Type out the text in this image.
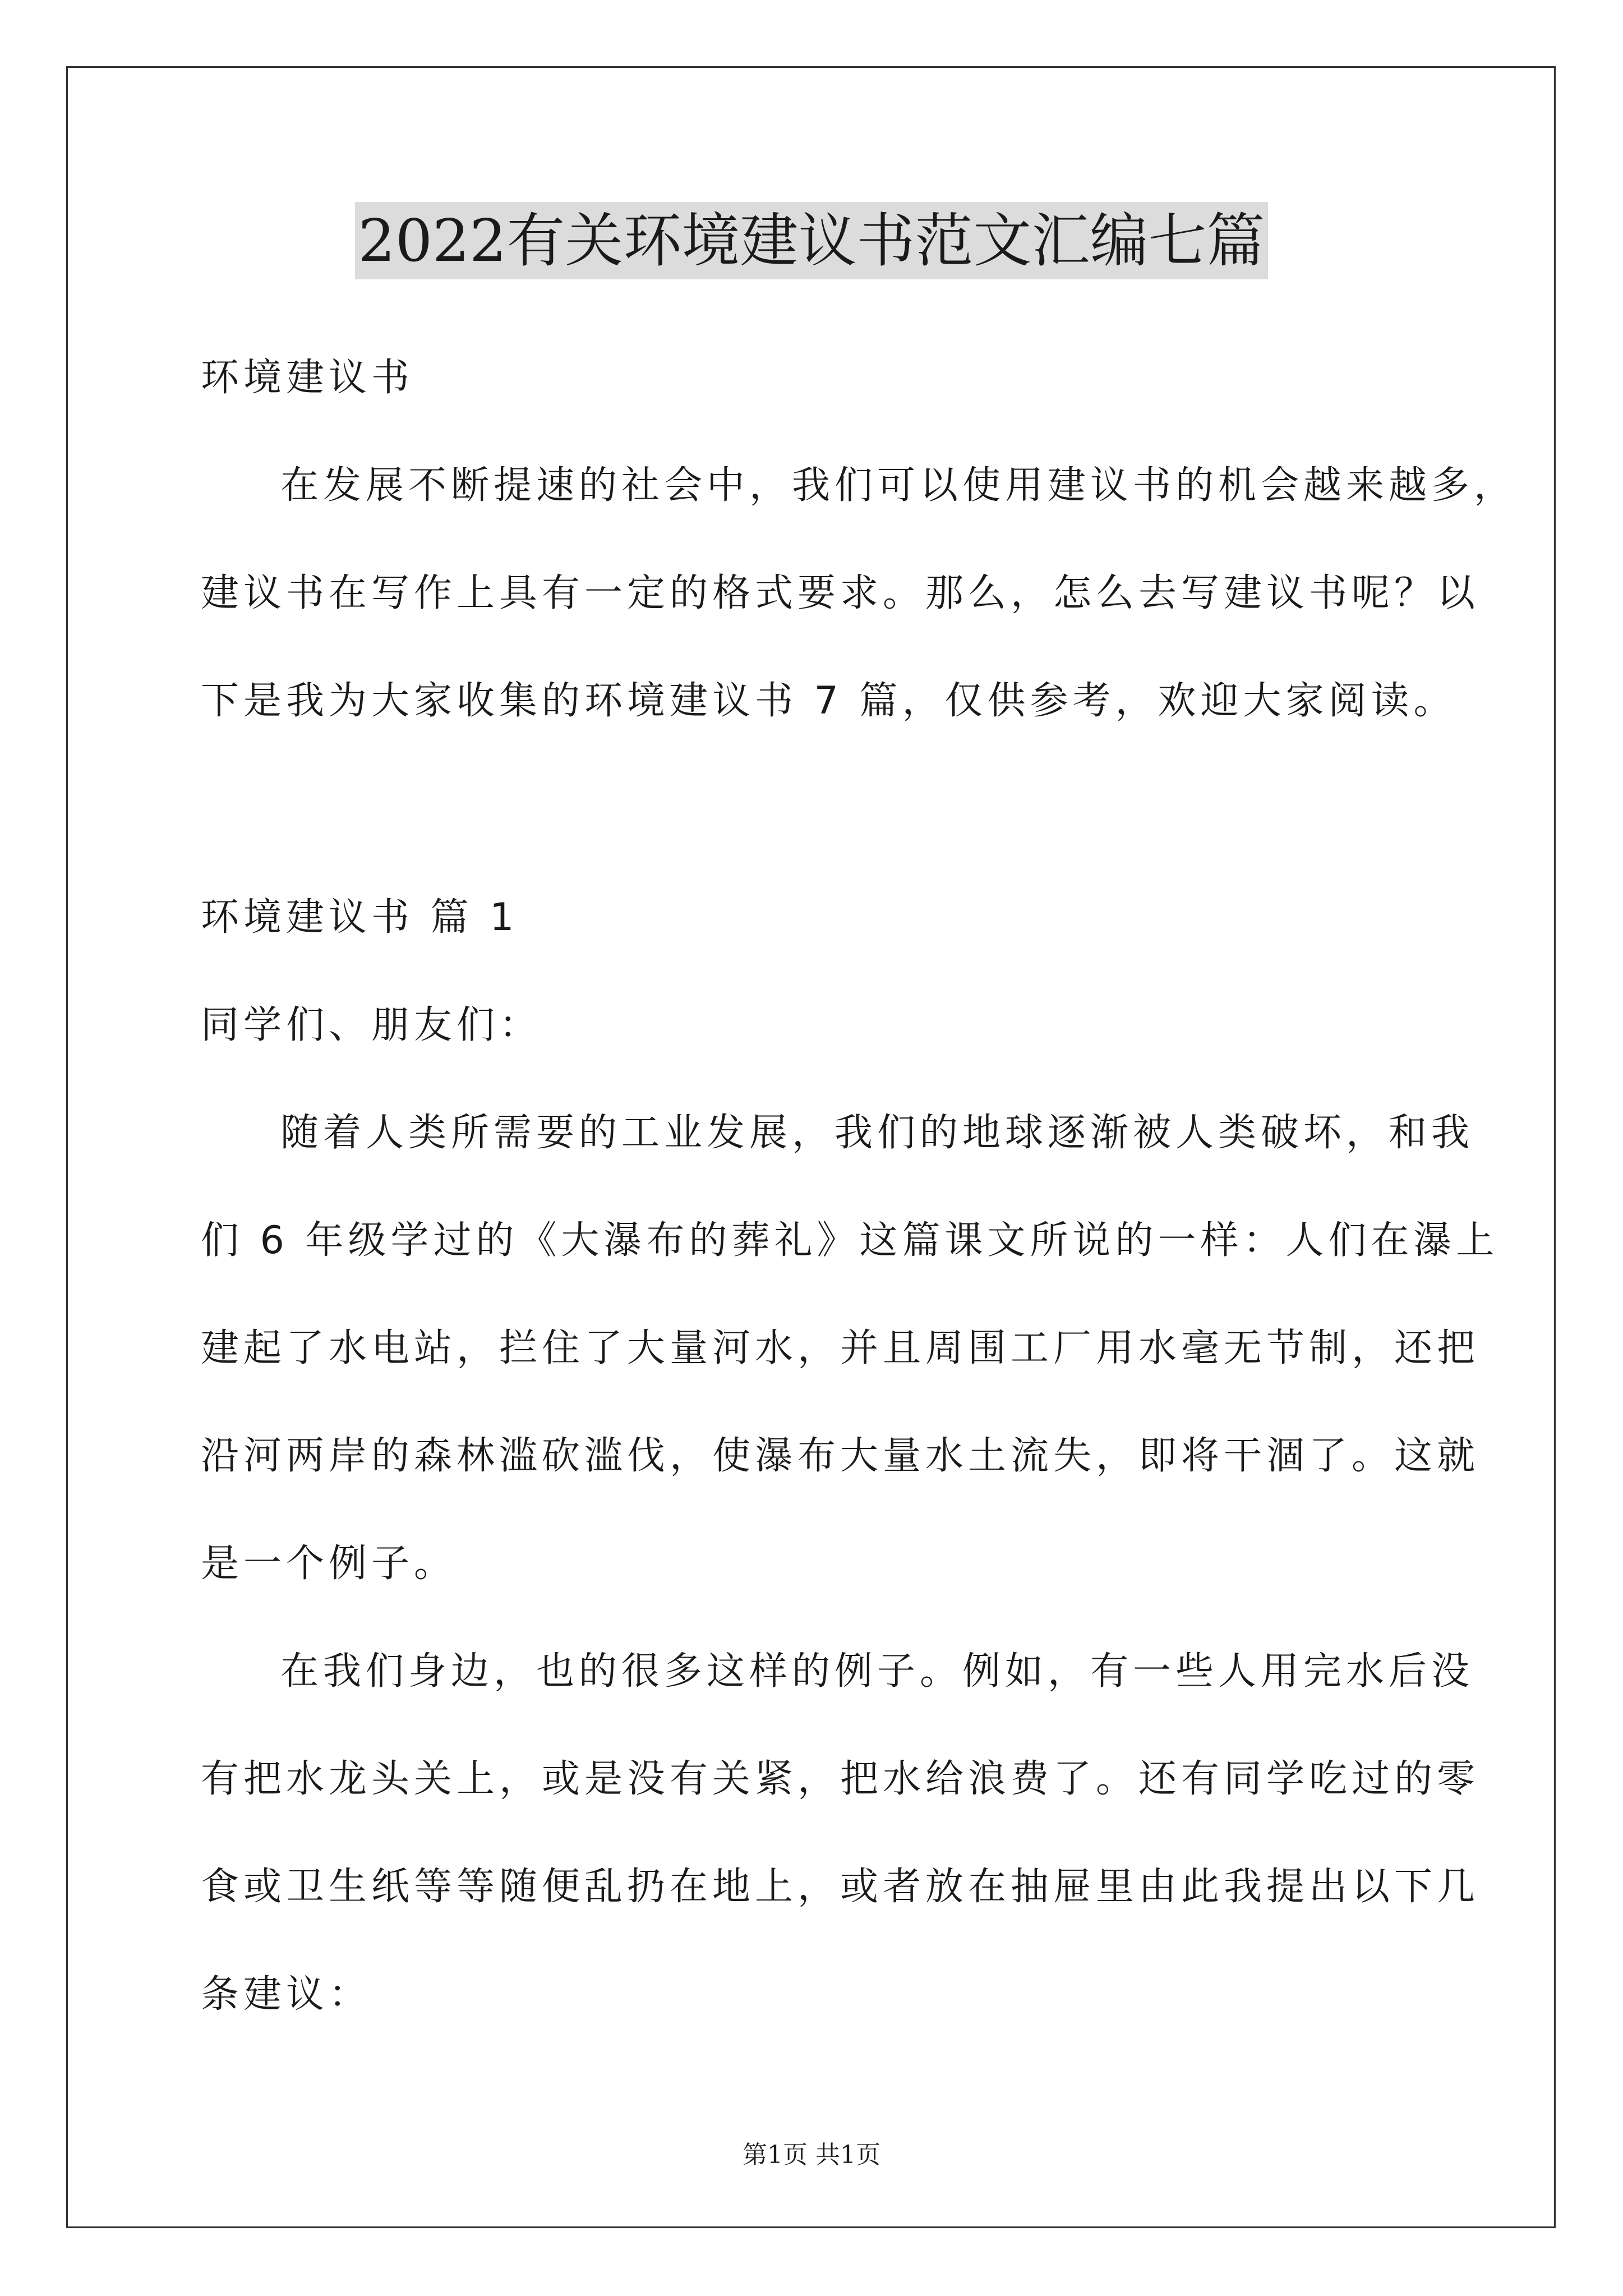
2022有关环境建议书范文汇编七篇
环境建议书
在发展不断提速的社会中，我们可以使用建议书的机会越来越多，
建议书在写作上具有一定的格式要求。那么，怎么去写建议书呢？以
下是我为大家收集的环境建议书 7 篇，仅供参考，欢迎大家阅读。
环境建议书 篇 1
同学们、朋友们：
随着人类所需要的工业发展，我们的地球逐渐被人类破坏，和我
们 6 年级学过的《大瀑布的葬礼》这篇课文所说的一样：人们在瀑上
建起了水电站，拦住了大量河水，并且周围工厂用水毫无节制，还把
沿河两岸的森林滥砍滥伐，使瀑布大量水土流失，即将干涸了。这就
是一个例子。
在我们身边，也的很多这样的例子。例如，有一些人用完水后没
有把水龙头关上，或是没有关紧，把水给浪费了。还有同学吃过的零
食或卫生纸等等随便乱扔在地上，或者放在抽屉里由此我提出以下几
条建议：
第1页 共1页
